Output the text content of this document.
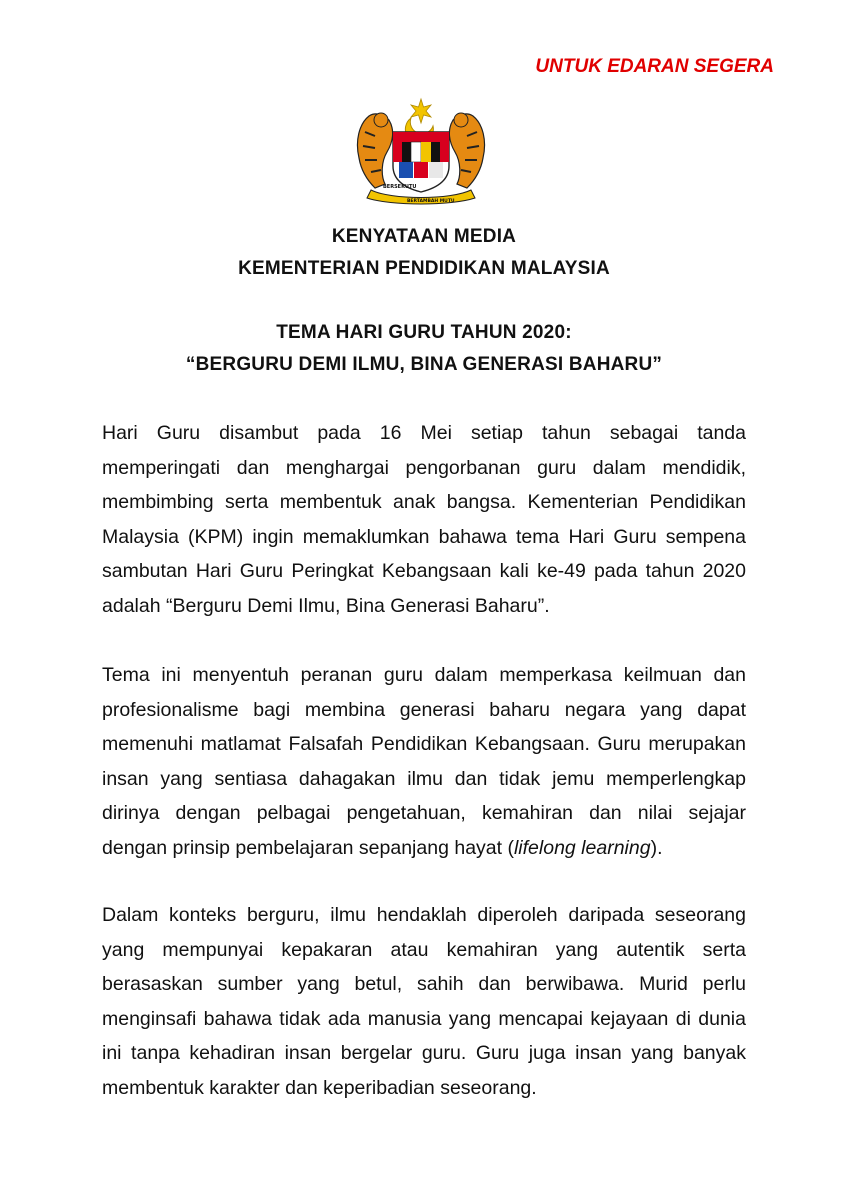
UNTUK EDARAN SEGERA
BERSEKUTU
BERTAMBAH MUTU
KENYATAAN MEDIA
KEMENTERIAN PENDIDIKAN MALAYSIA
TEMA HARI GURU TAHUN 2020:
“BERGURU DEMI ILMU, BINA GENERASI BAHARU”

Hari Guru disambut pada 16 Mei setiap tahun sebagai tanda
memperingati dan menghargai pengorbanan guru dalam mendidik,
membimbing serta membentuk anak bangsa. Kementerian Pendidikan
Malaysia (KPM) ingin memaklumkan bahawa tema Hari Guru sempena
sambutan Hari Guru Peringkat Kebangsaan kali ke-49 pada tahun 2020
adalah “Berguru Demi Ilmu, Bina Generasi Baharu”.

Tema ini menyentuh peranan guru dalam memperkasa keilmuan dan
profesionalisme bagi membina generasi baharu negara yang dapat
memenuhi matlamat Falsafah Pendidikan Kebangsaan. Guru merupakan
insan yang sentiasa dahagakan ilmu dan tidak jemu memperlengkap
dirinya dengan pelbagai pengetahuan, kemahiran dan nilai sejajar
dengan prinsip pembelajaran sepanjang hayat (lifelong learning).

Dalam konteks berguru, ilmu hendaklah diperoleh daripada seseorang
yang mempunyai kepakaran atau kemahiran yang autentik serta
berasaskan sumber yang betul, sahih dan berwibawa. Murid perlu
menginsafi bahawa tidak ada manusia yang mencapai kejayaan di dunia
ini tanpa kehadiran insan bergelar guru. Guru juga insan yang banyak
membentuk karakter dan keperibadian seseorang.
